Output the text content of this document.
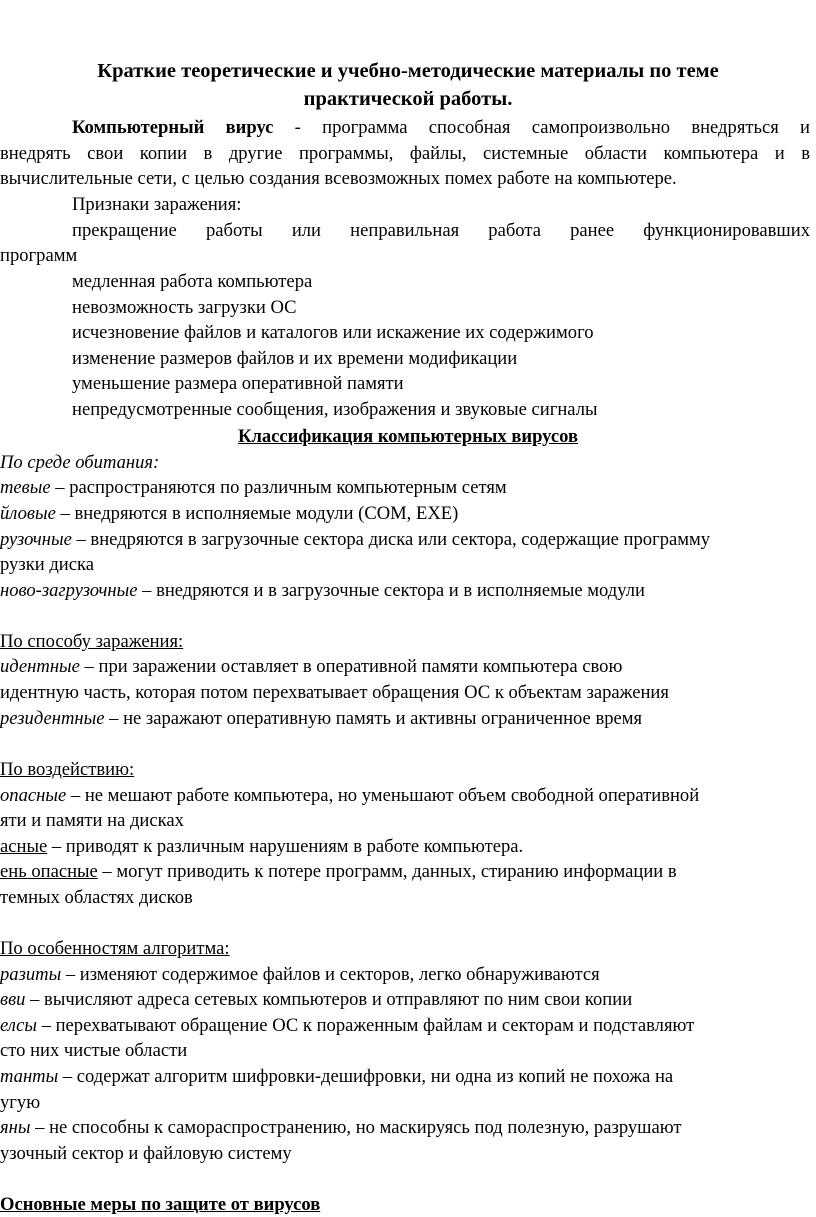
Краткие теоретические и учебно-методические материалы по теме
практической работы.
Компьютерный вирус - программа способная самопроизвольно внедряться и
внедрять свои копии в другие программы, файлы, системные области компьютера и в
вычислительные сети, с целью создания всевозможных помех работе на компьютере.
Признаки заражения:
прекращение работы или неправильная работа ранее функционировавших
программ
медленная работа компьютера
невозможность загрузки ОС
исчезновение файлов и каталогов или искажение их содержимого
изменение размеров файлов и их времени модификации
уменьшение размера оперативной памяти
непредусмотренные сообщения, изображения и звуковые сигналы
Классификация компьютерных вирусов
По среде обитания:
тевые – распространяются по различным компьютерным сетям
йловые – внедряются в исполняемые модули (COM, EXE)
рузочные – внедряются в загрузочные сектора диска или сектора, содержащие программу
рузки диска
ново-загрузочные – внедряются и в загрузочные сектора и в исполняемые модули
По способу заражения:
идентные – при заражении оставляет в оперативной памяти компьютера свою
идентную часть, которая потом перехватывает обращения ОС к объектам заражения
резидентные – не заражают оперативную память и активны ограниченное время
По воздействию:
опасные – не мешают работе компьютера, но уменьшают объем свободной оперативной
яти и памяти на дисках
асные – приводят к различным нарушениям в работе компьютера.
ень опасные – могут приводить к потере программ, данных, стиранию информации в
темных областях дисков
По особенностям алгоритма:
разиты – изменяют содержимое файлов и секторов, легко обнаруживаются
вви – вычисляют адреса сетевых компьютеров и отправляют по ним свои копии
елсы – перехватывают обращение ОС к пораженным файлам и секторам и подставляют
сто них чистые области
танты – содержат алгоритм шифровки-дешифровки, ни одна из копий не похожа на
угую
яны – не способны к самораспространению, но маскируясь под полезную, разрушают
узочный сектор и файловую систему
Основные меры по защите от вирусов
